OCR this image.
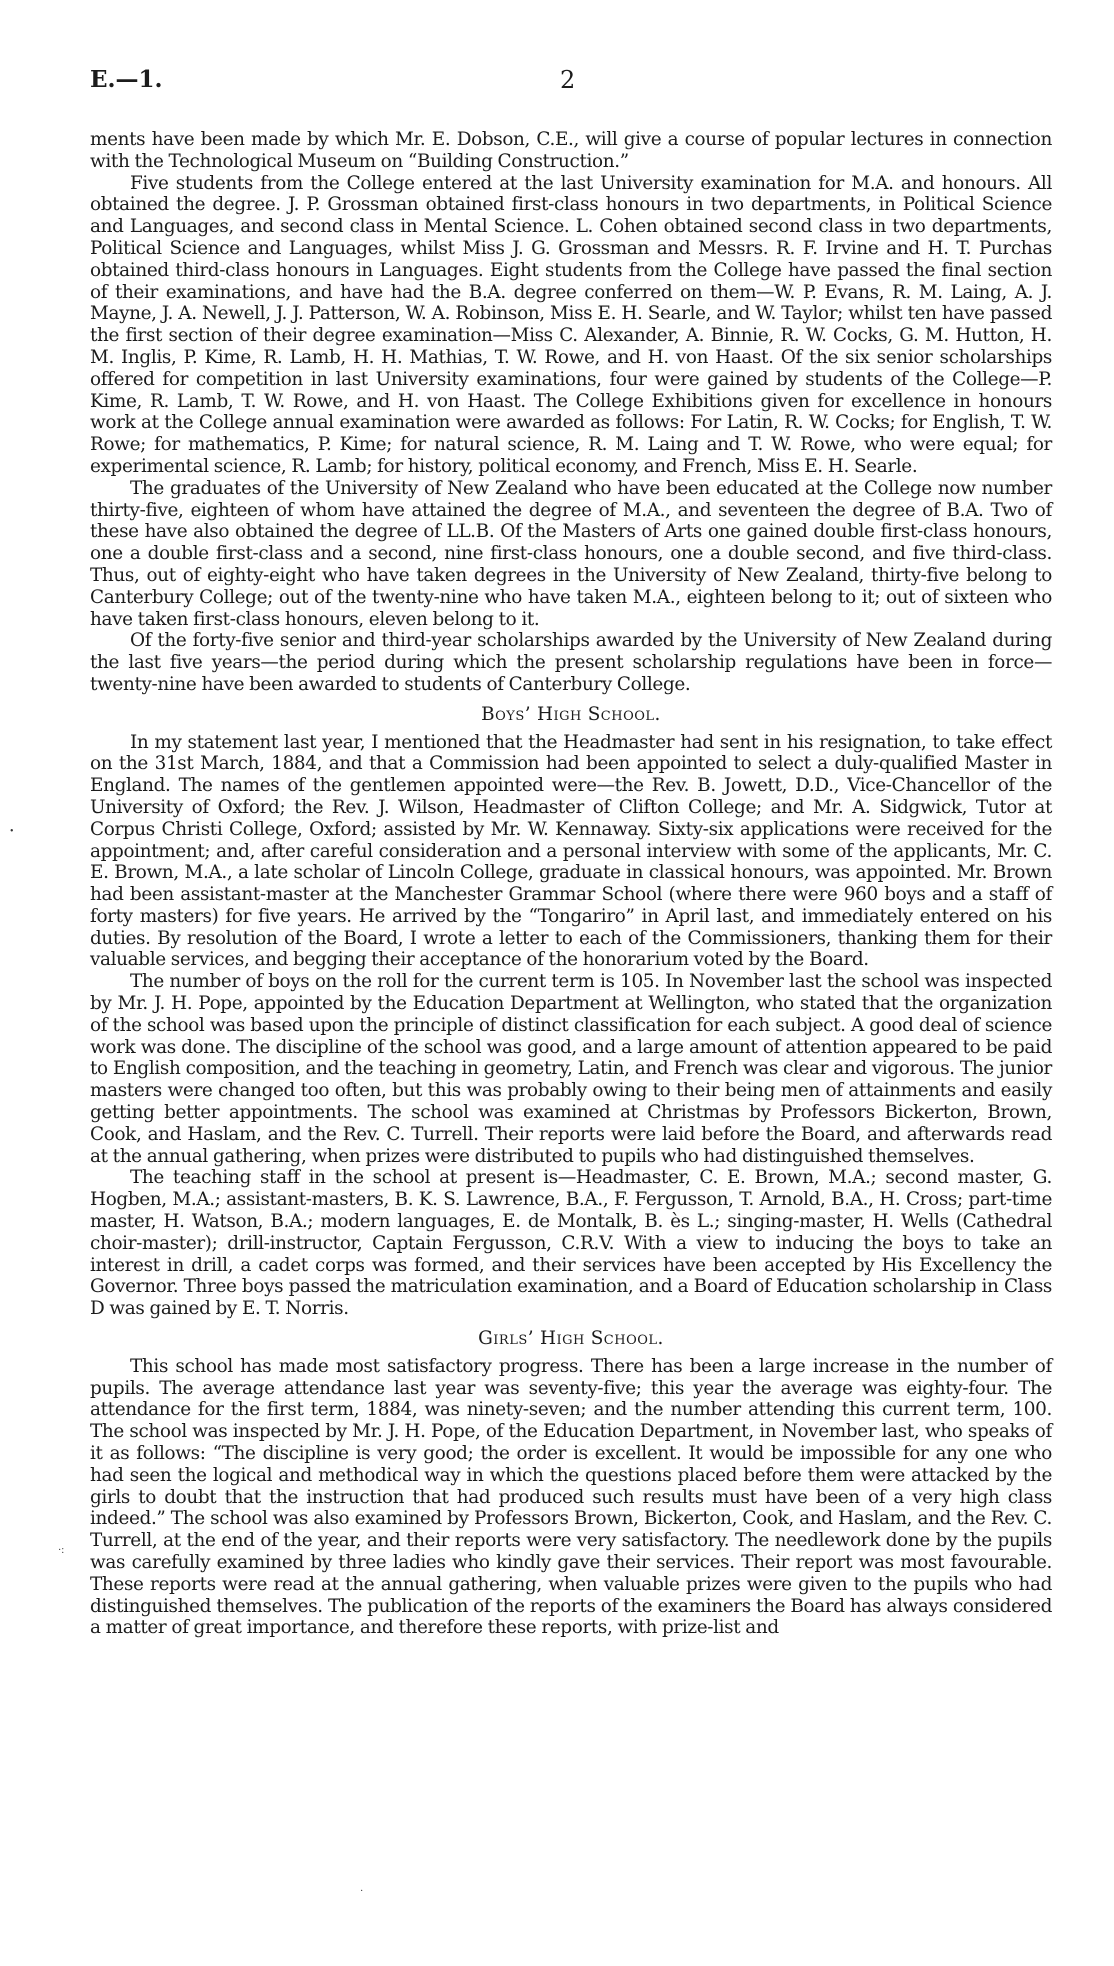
E.—1.	2

ments have been made by which Mr. E. Dobson, C.E., will give a course of popular lectures in connection with the Technological Museum on “Building Construction.”

Five students from the College entered at the last University examination for M.A. and honours. All obtained the degree. J. P. Grossman obtained first-class honours in two departments, in Political Science and Languages, and second class in Mental Science. L. Cohen obtained second class in two departments, Political Science and Languages, whilst Miss J. G. Grossman and Messrs. R. F. Irvine and H. T. Purchas obtained third-class honours in Languages. Eight students from the College have passed the final section of their examinations, and have had the B.A. degree conferred on them—W. P. Evans, R. M. Laing, A. J. Mayne, J. A. Newell, J. J. Patterson, W. A. Robinson, Miss E. H. Searle, and W. Taylor; whilst ten have passed the first section of their degree examination—Miss C. Alexander, A. Binnie, R. W. Cocks, G. M. Hutton, H. M. Inglis, P. Kime, R. Lamb, H. H. Mathias, T. W. Rowe, and H. von Haast. Of the six senior scholarships offered for competition in last University examinations, four were gained by students of the College—P. Kime, R. Lamb, T. W. Rowe, and H. von Haast. The College Exhibitions given for excellence in honours work at the College annual examination were awarded as follows: For Latin, R. W. Cocks; for English, T. W. Rowe; for mathematics, P. Kime; for natural science, R. M. Laing and T. W. Rowe, who were equal; for experimental science, R. Lamb; for history, political economy, and French, Miss E. H. Searle.

The graduates of the University of New Zealand who have been educated at the College now number thirty-five, eighteen of whom have attained the degree of M.A., and seventeen the degree of B.A. Two of these have also obtained the degree of LL.B. Of the Masters of Arts one gained double first-class honours, one a double first-class and a second, nine first-class honours, one a double second, and five third-class. Thus, out of eighty-eight who have taken degrees in the University of New Zealand, thirty-five belong to Canterbury College; out of the twenty-nine who have taken M.A., eighteen belong to it; out of sixteen who have taken first-class honours, eleven belong to it.

Of the forty-five senior and third-year scholarships awarded by the University of New Zealand during the last five years—the period during which the present scholarship regulations have been in force—twenty-nine have been awarded to students of Canterbury College.

Boys’ High School.

In my statement last year, I mentioned that the Headmaster had sent in his resignation, to take effect on the 31st March, 1884, and that a Commission had been appointed to select a duly-qualified Master in England. The names of the gentlemen appointed were—the Rev. B. Jowett, D.D., Vice-Chancellor of the University of Oxford; the Rev. J. Wilson, Headmaster of Clifton College; and Mr. A. Sidgwick, Tutor at Corpus Christi College, Oxford; assisted by Mr. W. Kennaway. Sixty-six applications were received for the appointment; and, after careful consideration and a personal interview with some of the applicants, Mr. C. E. Brown, M.A., a late scholar of Lincoln College, graduate in classical honours, was appointed. Mr. Brown had been assistant-master at the Manchester Grammar School (where there were 960 boys and a staff of forty masters) for five years. He arrived by the “Tongariro” in April last, and immediately entered on his duties. By resolution of the Board, I wrote a letter to each of the Commissioners, thanking them for their valuable services, and begging their acceptance of the honorarium voted by the Board.

The number of boys on the roll for the current term is 105. In November last the school was inspected by Mr. J. H. Pope, appointed by the Education Department at Wellington, who stated that the organization of the school was based upon the principle of distinct classification for each subject. A good deal of science work was done. The discipline of the school was good, and a large amount of attention appeared to be paid to English composition, and the teaching in geometry, Latin, and French was clear and vigorous. The junior masters were changed too often, but this was probably owing to their being men of attainments and easily getting better appointments. The school was examined at Christmas by Professors Bickerton, Brown, Cook, and Haslam, and the Rev. C. Turrell. Their reports were laid before the Board, and afterwards read at the annual gathering, when prizes were distributed to pupils who had distinguished themselves.

The teaching staff in the school at present is—Headmaster, C. E. Brown, M.A.; second master, G. Hogben, M.A.; assistant-masters, B. K. S. Lawrence, B.A., F. Fergusson, T. Arnold, B.A., H. Cross; part-time master, H. Watson, B.A.; modern languages, E. de Montalk, B. ès L.; singing-master, H. Wells (Cathedral choir-master); drill-instructor, Captain Fergusson, C.R.V. With a view to inducing the boys to take an interest in drill, a cadet corps was formed, and their services have been accepted by His Excellency the Governor. Three boys passed the matriculation examination, and a Board of Education scholarship in Class D was gained by E. T. Norris.

Girls’ High School.

This school has made most satisfactory progress. There has been a large increase in the number of pupils. The average attendance last year was seventy-five; this year the average was eighty-four. The attendance for the first term, 1884, was ninety-seven; and the number attending this current term, 100. The school was inspected by Mr. J. H. Pope, of the Education Department, in November last, who speaks of it as follows: “The discipline is very good; the order is excellent. It would be impossible for any one who had seen the logical and methodical way in which the questions placed before them were attacked by the girls to doubt that the instruction that had produced such results must have been of a very high class indeed.” The school was also examined by Professors Brown, Bickerton, Cook, and Haslam, and the Rev. C. Turrell, at the end of the year, and their reports were very satisfactory. The needlework done by the pupils was carefully examined by three ladies who kindly gave their services. Their report was most favourable. These reports were read at the annual gathering, when valuable prizes were given to the pupils who had distinguished themselves. The publication of the reports of the examiners the Board has always considered a matter of great importance, and therefore these reports, with prize-list and

•
·:
·
